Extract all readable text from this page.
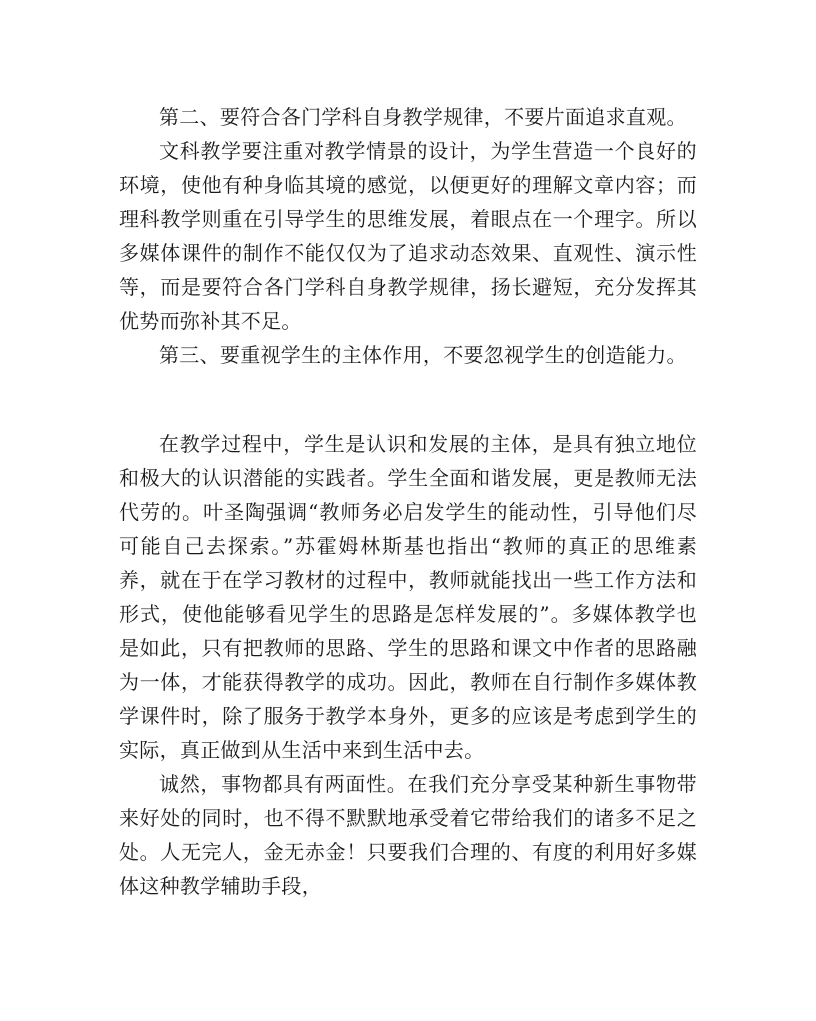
第二、要符合各门学科自身教学规律，不要片面追求直观。

文科教学要注重对教学情景的设计，为学生营造一个良好的环境，使他有种身临其境的感觉，以便更好的理解文章内容；而理科教学则重在引导学生的思维发展，着眼点在一个理字。所以多媒体课件的制作不能仅仅为了追求动态效果、直观性、演示性等，而是要符合各门学科自身教学规律，扬长避短，充分发挥其优势而弥补其不足。

第三、要重视学生的主体作用，不要忽视学生的创造能力。

在教学过程中，学生是认识和发展的主体，是具有独立地位和极大的认识潜能的实践者。学生全面和谐发展，更是教师无法代劳的。叶圣陶强调“教师务必启发学生的能动性，引导他们尽可能自己去探索。”苏霍姆林斯基也指出“教师的真正的思维素养，就在于在学习教材的过程中，教师就能找出一些工作方法和形式，使他能够看见学生的思路是怎样发展的”。多媒体教学也是如此，只有把教师的思路、学生的思路和课文中作者的思路融为一体，才能获得教学的成功。因此，教师在自行制作多媒体教学课件时，除了服务于教学本身外，更多的应该是考虑到学生的实际，真正做到从生活中来到生活中去。

诚然，事物都具有两面性。在我们充分享受某种新生事物带来好处的同时，也不得不默默地承受着它带给我们的诸多不足之处。人无完人，金无赤金！只要我们合理的、有度的利用好多媒体这种教学辅助手段，
